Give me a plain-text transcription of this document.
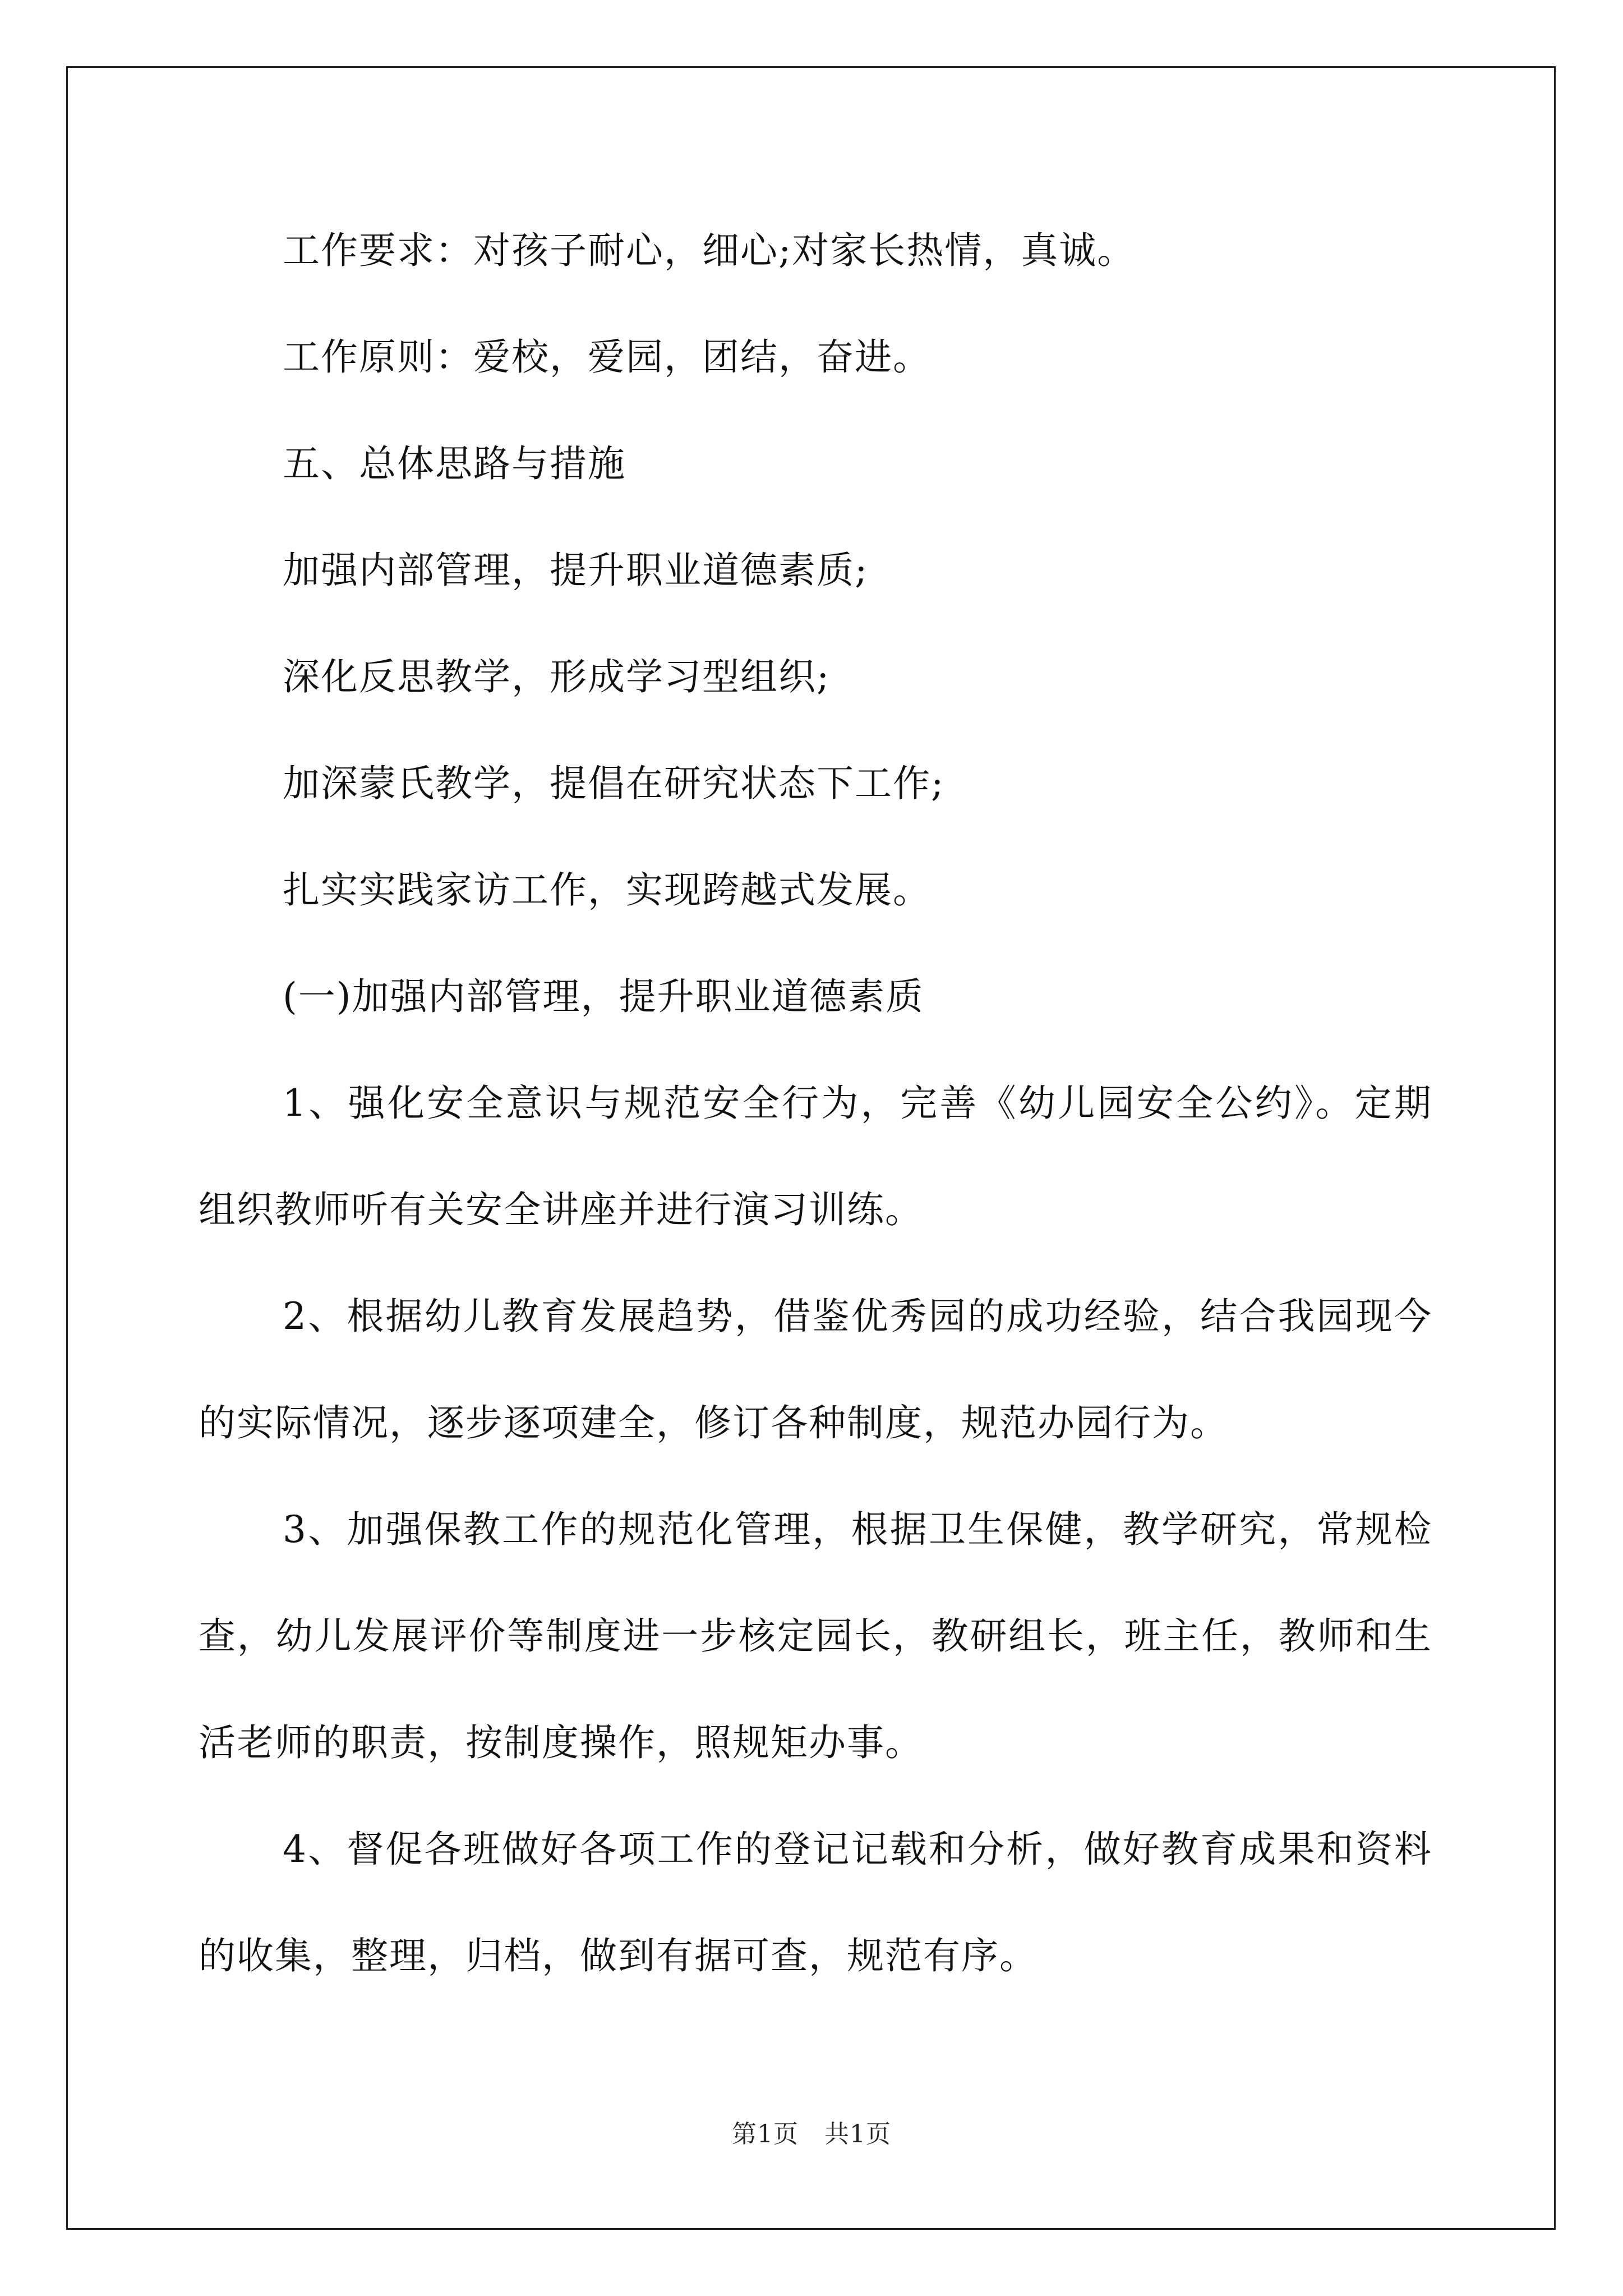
工作要求：对孩子耐心，细心;对家长热情，真诚。

工作原则：爱校，爱园，团结，奋进。

五、总体思路与措施

加强内部管理，提升职业道德素质;

深化反思教学，形成学习型组织;

加深蒙氏教学，提倡在研究状态下工作;

扎实实践家访工作，实现跨越式发展。

(一)加强内部管理，提升职业道德素质

1、强化安全意识与规范安全行为，完善《幼儿园安全公约》。定期组织教师听有关安全讲座并进行演习训练。

2、根据幼儿教育发展趋势，借鉴优秀园的成功经验，结合我园现今的实际情况，逐步逐项建全，修订各种制度，规范办园行为。

3、加强保教工作的规范化管理，根据卫生保健，教学研究，常规检查，幼儿发展评价等制度进一步核定园长，教研组长，班主任，教师和生活老师的职责，按制度操作，照规矩办事。

4、督促各班做好各项工作的登记记载和分析，做好教育成果和资料的收集，整理，归档，做到有据可查，规范有序。

第1页 共1页
